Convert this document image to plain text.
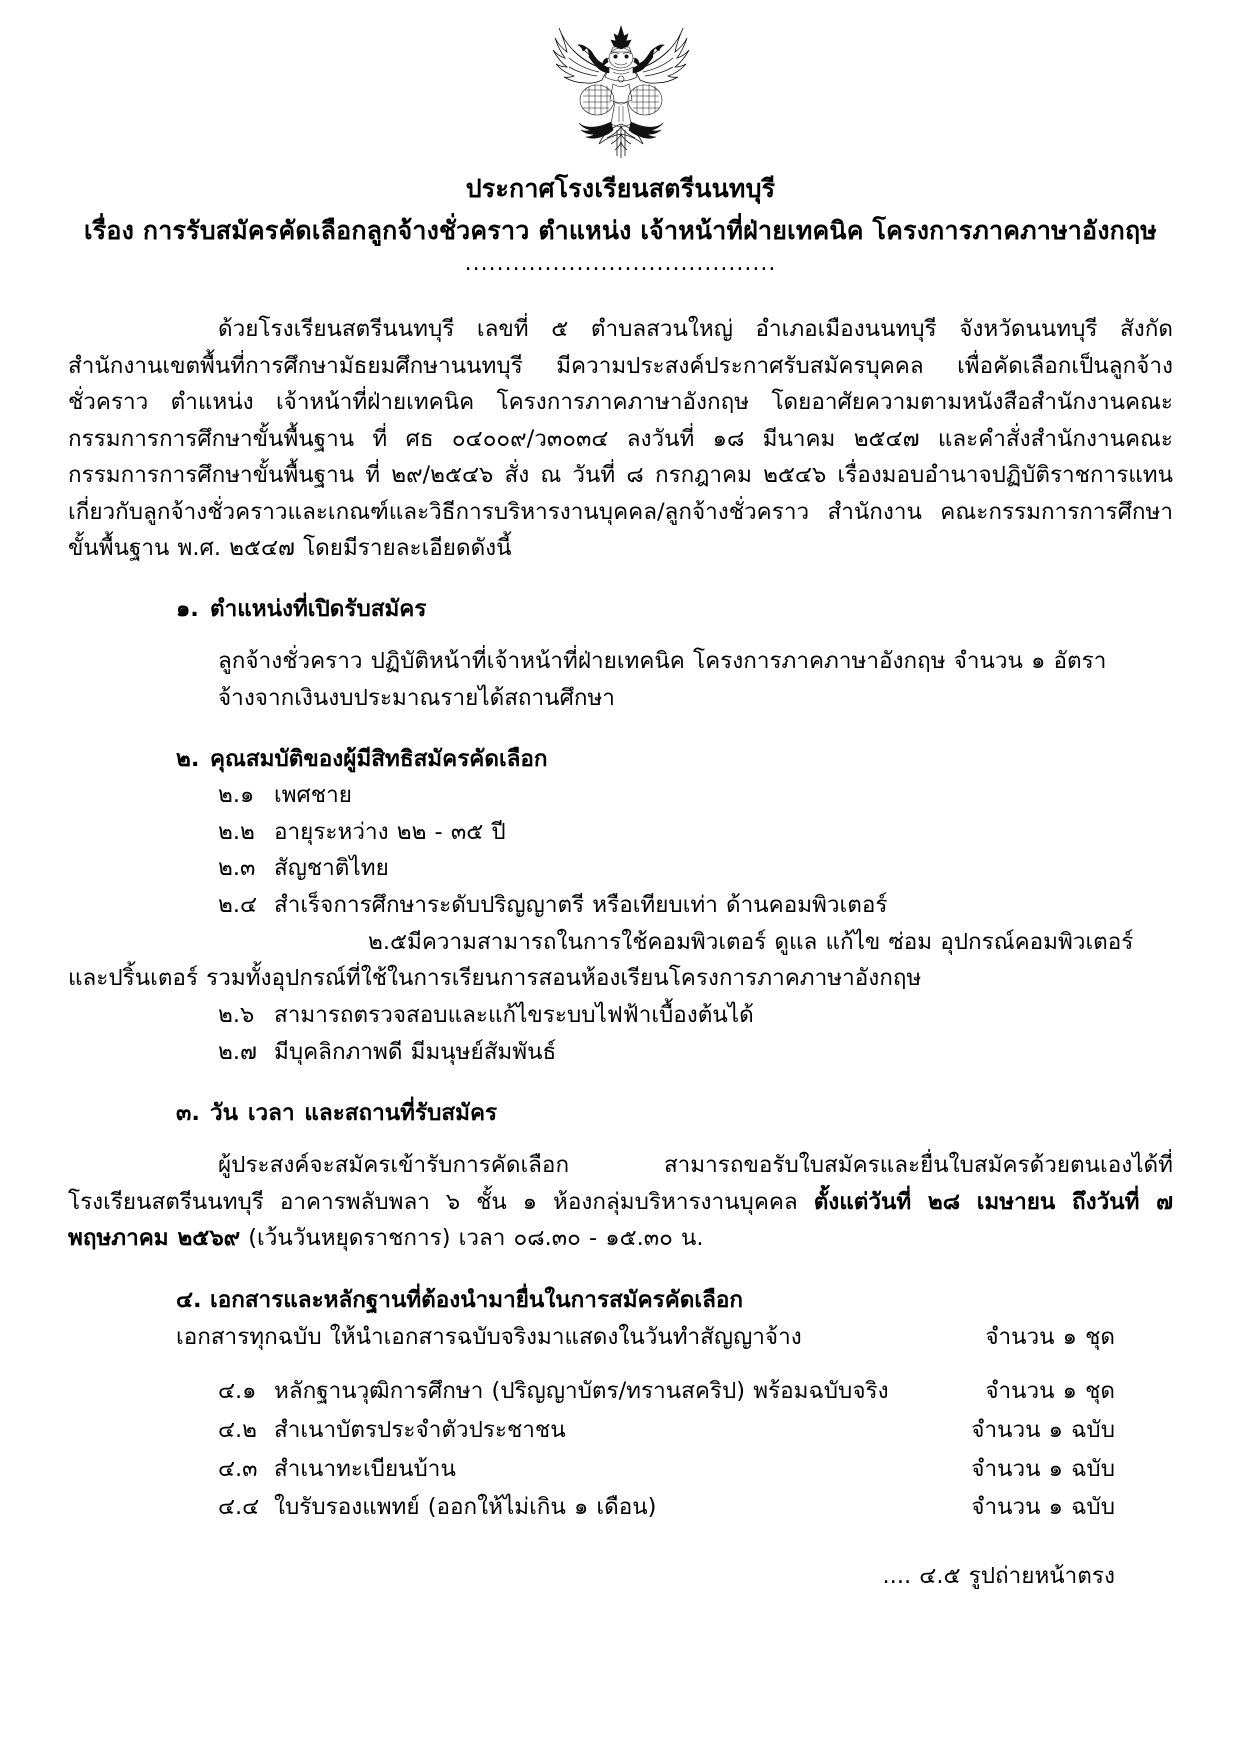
ประกาศโรงเรียนสตรีนนทบุรี
เรื่อง การรับสมัครคัดเลือกลูกจ้างชั่วคราว ตำแหน่ง เจ้าหน้าที่ฝ่ายเทคนิค โครงการภาคภาษาอังกฤษ
.......................................

ด้วยโรงเรียนสตรีนนทบุรี เลขที่ ๕ ตำบลสวนใหญ่ อำเภอเมืองนนทบุรี จังหวัดนนทบุรี สังกัดสำนักงานเขตพื้นที่การศึกษามัธยมศึกษานนทบุรี มีความประสงค์ประกาศรับสมัครบุคคล เพื่อคัดเลือกเป็นลูกจ้างชั่วคราว ตำแหน่ง เจ้าหน้าที่ฝ่ายเทคนิค โครงการภาคภาษาอังกฤษ โดยอาศัยความตามหนังสือสำนักงานคณะกรรมการการศึกษาขั้นพื้นฐาน ที่ ศธ ๐๔๐๐๙/ว๓๐๓๔ ลงวันที่ ๑๘ มีนาคม ๒๕๔๗ และคำสั่งสำนักงานคณะกรรมการการศึกษาขั้นพื้นฐาน ที่ ๒๙/๒๕๔๖ สั่ง ณ วันที่ ๘ กรกฎาคม ๒๕๔๖ เรื่องมอบอำนาจปฏิบัติราชการแทนเกี่ยวกับลูกจ้างชั่วคราวและเกณฑ์และวิธีการบริหารงานบุคคล/ลูกจ้างชั่วคราว สำนักงาน คณะกรรมการการศึกษาขั้นพื้นฐาน พ.ศ. ๒๕๔๗ โดยมีรายละเอียดดังนี้

๑. ตำแหน่งที่เปิดรับสมัคร
ลูกจ้างชั่วคราว ปฏิบัติหน้าที่เจ้าหน้าที่ฝ่ายเทคนิค โครงการภาคภาษาอังกฤษ จำนวน ๑ อัตรา
จ้างจากเงินงบประมาณรายได้สถานศึกษา
๒. คุณสมบัติของผู้มีสิทธิสมัครคัดเลือก
๒.๑ เพศชาย
๒.๒ อายุระหว่าง ๒๒ - ๓๕ ปี
๒.๓ สัญชาติไทย
๒.๔ สำเร็จการศึกษาระดับปริญญาตรี หรือเทียบเท่า ด้านคอมพิวเตอร์
๒.๕มีความสามารถในการใช้คอมพิวเตอร์ ดูแล แก้ไข ซ่อม อุปกรณ์คอมพิวเตอร์และปริ้นเตอร์ รวมทั้งอุปกรณ์ที่ใช้ในการเรียนการสอนห้องเรียนโครงการภาคภาษาอังกฤษ
๒.๖ สามารถตรวจสอบและแก้ไขระบบไฟฟ้าเบื้องต้นได้
๒.๗ มีบุคลิกภาพดี มีมนุษย์สัมพันธ์
๓. วัน เวลา และสถานที่รับสมัคร

ผู้ประสงค์จะสมัครเข้ารับการคัดเลือก สามารถขอรับใบสมัครและยื่นใบสมัครด้วยตนเองได้ที่ โรงเรียนสตรีนนทบุรี อาคารพลับพลา ๖ ชั้น ๑ ห้องกลุ่มบริหารงานบุคคล ตั้งแต่วันที่ ๒๘ เมษายน ถึงวันที่ ๗ พฤษภาคม ๒๕๖๙ (เว้นวันหยุดราชการ) เวลา ๐๘.๓๐ - ๑๕.๓๐ น.

๔. เอกสารและหลักฐานที่ต้องนำมายื่นในการสมัครคัดเลือก
เอกสารทุกฉบับ ให้นำเอกสารฉบับจริงมาแสดงในวันทำสัญญาจ้าง	จำนวน ๑ ชุด
๔.๑ หลักฐานวุฒิการศึกษา (ปริญญาบัตร/ทรานสคริป) พร้อมฉบับจริง	จำนวน ๑ ชุด
๔.๒ สำเนาบัตรประจำตัวประชาชน	จำนวน ๑ ฉบับ
๔.๓ สำเนาทะเบียนบ้าน	จำนวน ๑ ฉบับ
๔.๔ ใบรับรองแพทย์ (ออกให้ไม่เกิน ๑ เดือน)	จำนวน ๑ ฉบับ
.... ๔.๕ รูปถ่ายหน้าตรง
